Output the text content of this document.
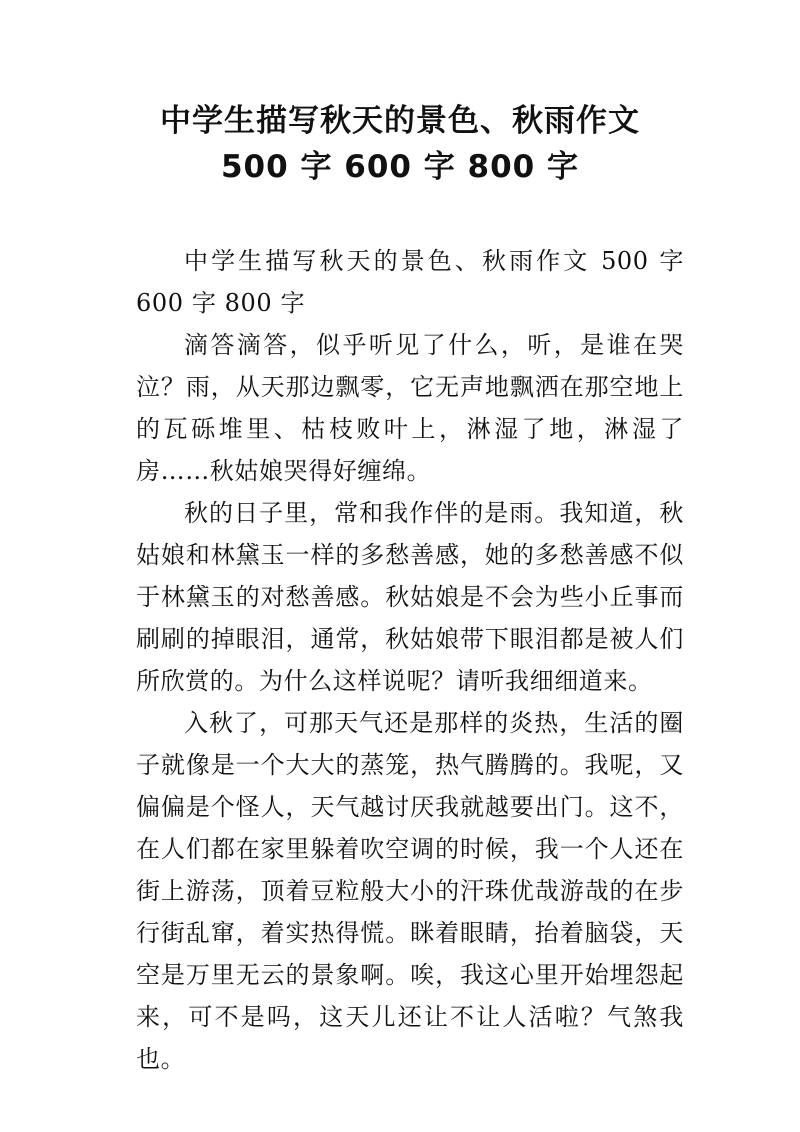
中学生描写秋天的景色、秋雨作文
500 字 600 字 800 字

中学生描写秋天的景色、秋雨作文 500 字 600 字 800 字

滴答滴答，似乎听见了什么，听，是谁在哭泣？雨，从天那边飘零，它无声地飘洒在那空地上的瓦砾堆里、枯枝败叶上，淋湿了地，淋湿了房……秋姑娘哭得好缠绵。

秋的日子里，常和我作伴的是雨。我知道，秋姑娘和林黛玉一样的多愁善感，她的多愁善感不似于林黛玉的对愁善感。秋姑娘是不会为些小丘事而刷刷的掉眼泪，通常，秋姑娘带下眼泪都是被人们所欣赏的。为什么这样说呢？请听我细细道来。

入秋了，可那天气还是那样的炎热，生活的圈子就像是一个大大的蒸笼，热气腾腾的。我呢，又偏偏是个怪人，天气越讨厌我就越要出门。这不，在人们都在家里躲着吹空调的时候，我一个人还在街上游荡，顶着豆粒般大小的汗珠优哉游哉的在步行街乱窜，着实热得慌。眯着眼睛，抬着脑袋，天空是万里无云的景象啊。唉，我这心里开始埋怨起来，可不是吗，这天儿还让不让人活啦？气煞我也。
